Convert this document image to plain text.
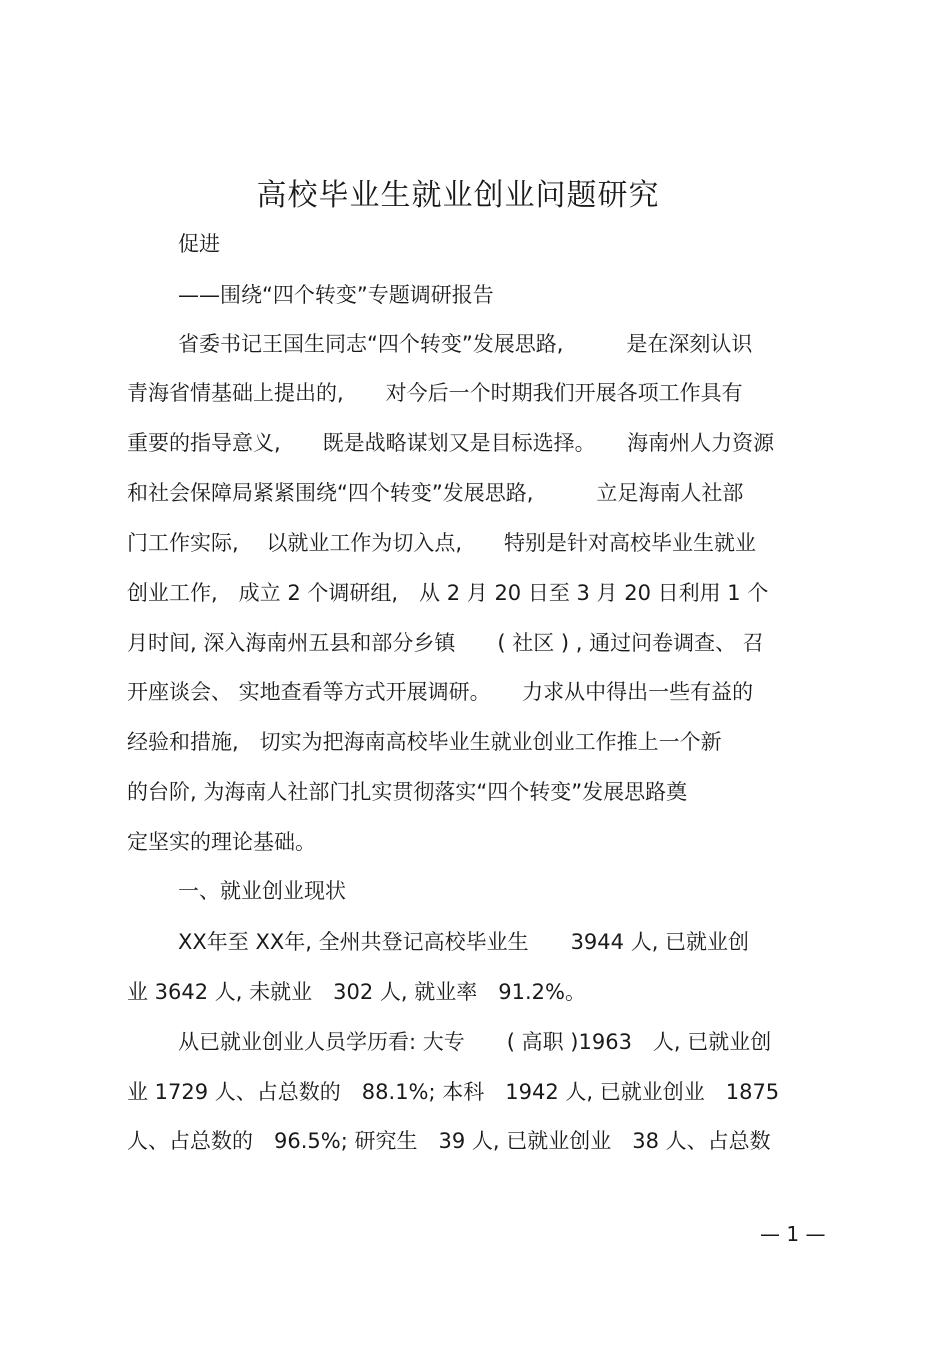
高校毕业生就业创业问题研究
促进
——围绕“四个转变”专题调研报告
省委书记王国生同志“四个转变”发展思路,　　　是在深刻认识
青海省情基础上提出的,　　对今后一个时期我们开展各项工作具有
重要的指导意义,　　既是战略谋划又是目标选择。　　海南州人力资源
和社会保障局紧紧围绕“四个转变”发展思路,　　　立足海南人社部
门工作实际,　 以就业工作为切入点,　　特别是针对高校毕业生就业
创业工作,　成立 2 个调研组,　从 2 月 20 日至 3 月 20 日利用 1 个
月时间, 深入海南州五县和部分乡镇　　( 社区 ) , 通过问卷调查、 召
开座谈会、 实地查看等方式开展调研。　　力求从中得出一些有益的
经验和措施,　切实为把海南高校毕业生就业创业工作推上一个新
的台阶, 为海南人社部门扎实贯彻落实“四个转变”发展思路奠
定坚实的理论基础。
一、就业创业现状
XX年至 XX年, 全州共登记高校毕业生　　3944 人, 已就业创
业 3642 人, 未就业　302 人, 就业率　91.2%。
从已就业创业人员学历看: 大专　　( 高职 )1963　人, 已就业创
业 1729 人、占总数的　88.1%; 本科　1942 人, 已就业创业　1875
人、占总数的　96.5%; 研究生　39 人, 已就业创业　38 人、占总数
— 1 —
